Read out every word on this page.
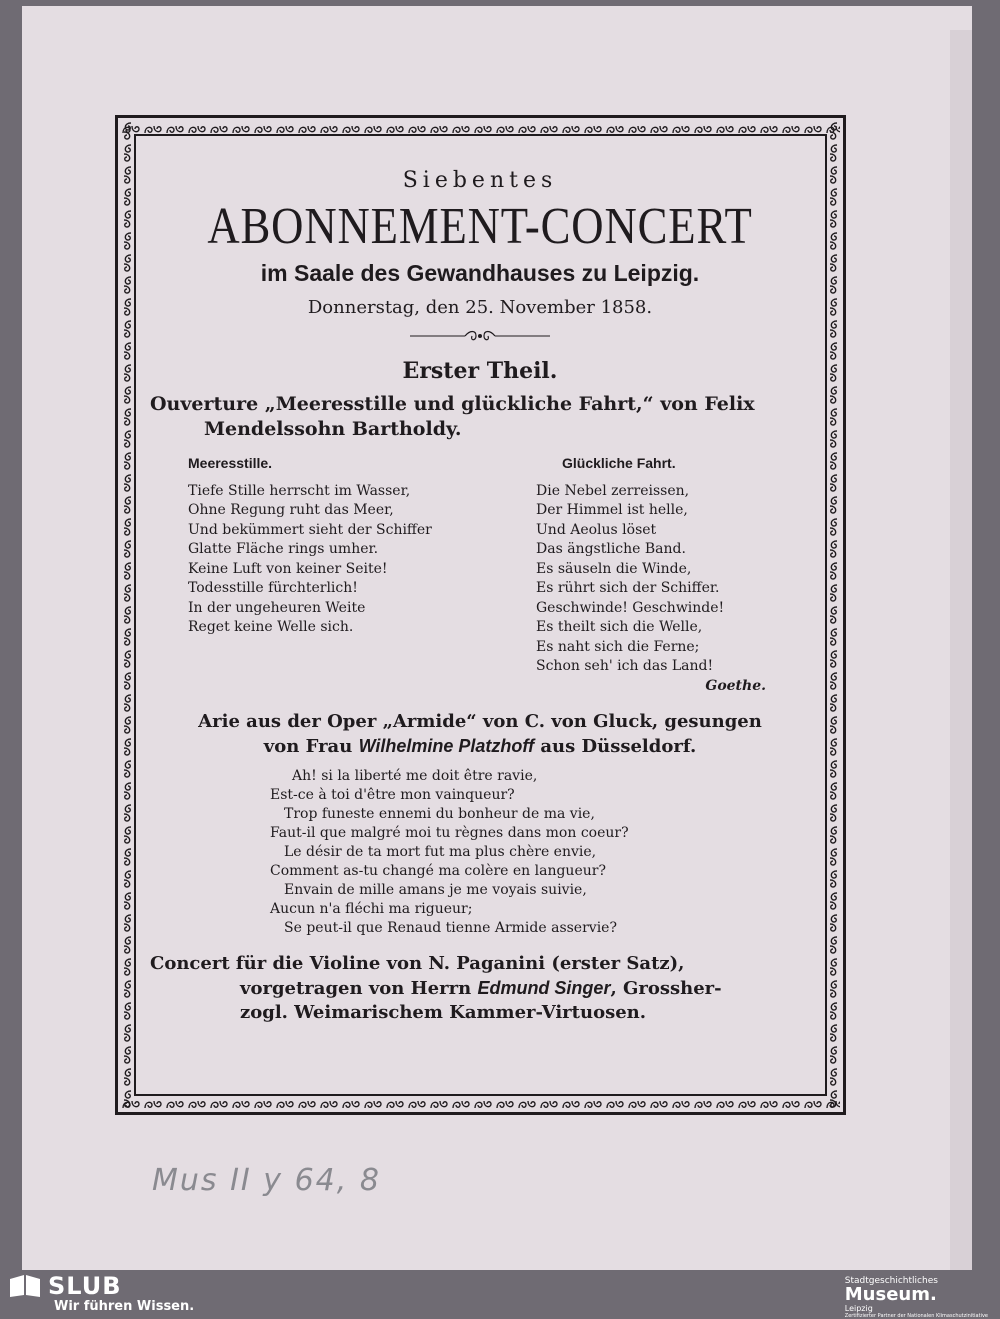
Siebentes
ABONNEMENT-CONCERT
im Saale des Gewandhauses zu Leipzig.
Donnerstag, den 25. November 1858.
Erster Theil.
Ouverture „Meeresstille und glückliche Fahrt,“ von Felix
Mendelssohn Bartholdy.
Meeresstille.
Tiefe Stille herrscht im Wasser,
Ohne Regung ruht das Meer,
Und bekümmert sieht der Schiffer
Glatte Fläche rings umher.
Keine Luft von keiner Seite!
Todesstille fürchterlich!
In der ungeheuren Weite
Reget keine Welle sich.
Glückliche Fahrt.
Die Nebel zerreissen,
Der Himmel ist helle,
Und Aeolus löset
Das ängstliche Band.
Es säuseln die Winde,
Es rührt sich der Schiffer.
Geschwinde! Geschwinde!
Es theilt sich die Welle,
Es naht sich die Ferne;
Schon seh' ich das Land!
Goethe.
Arie aus der Oper „Armide“ von C. von Gluck, gesungen
von Frau Wilhelmine Platzhoff aus Düsseldorf.
Ah! si la liberté me doit être ravie,
Est-ce à toi d'être mon vainqueur?
Trop funeste ennemi du bonheur de ma vie,
Faut-il que malgré moi tu règnes dans mon coeur?
Le désir de ta mort fut ma plus chère envie,
Comment as-tu changé ma colère en langueur?
Envain de mille amans je me voyais suivie,
Aucun n'a fléchi ma rigueur;
Se peut-il que Renaud tienne Armide asservie?
Concert für die Violine von N. Paganini (erster Satz),
vorgetragen von Herrn Edmund Singer, Grossher-
zogl. Weimarischem Kammer-Virtuosen.
Mus II y 64, 8
SLUB
Wir führen Wissen.
Stadtgeschichtliches
Museum.
Leipzig
Zertifizierter Partner der Nationalen Klimaschutzinitiative
